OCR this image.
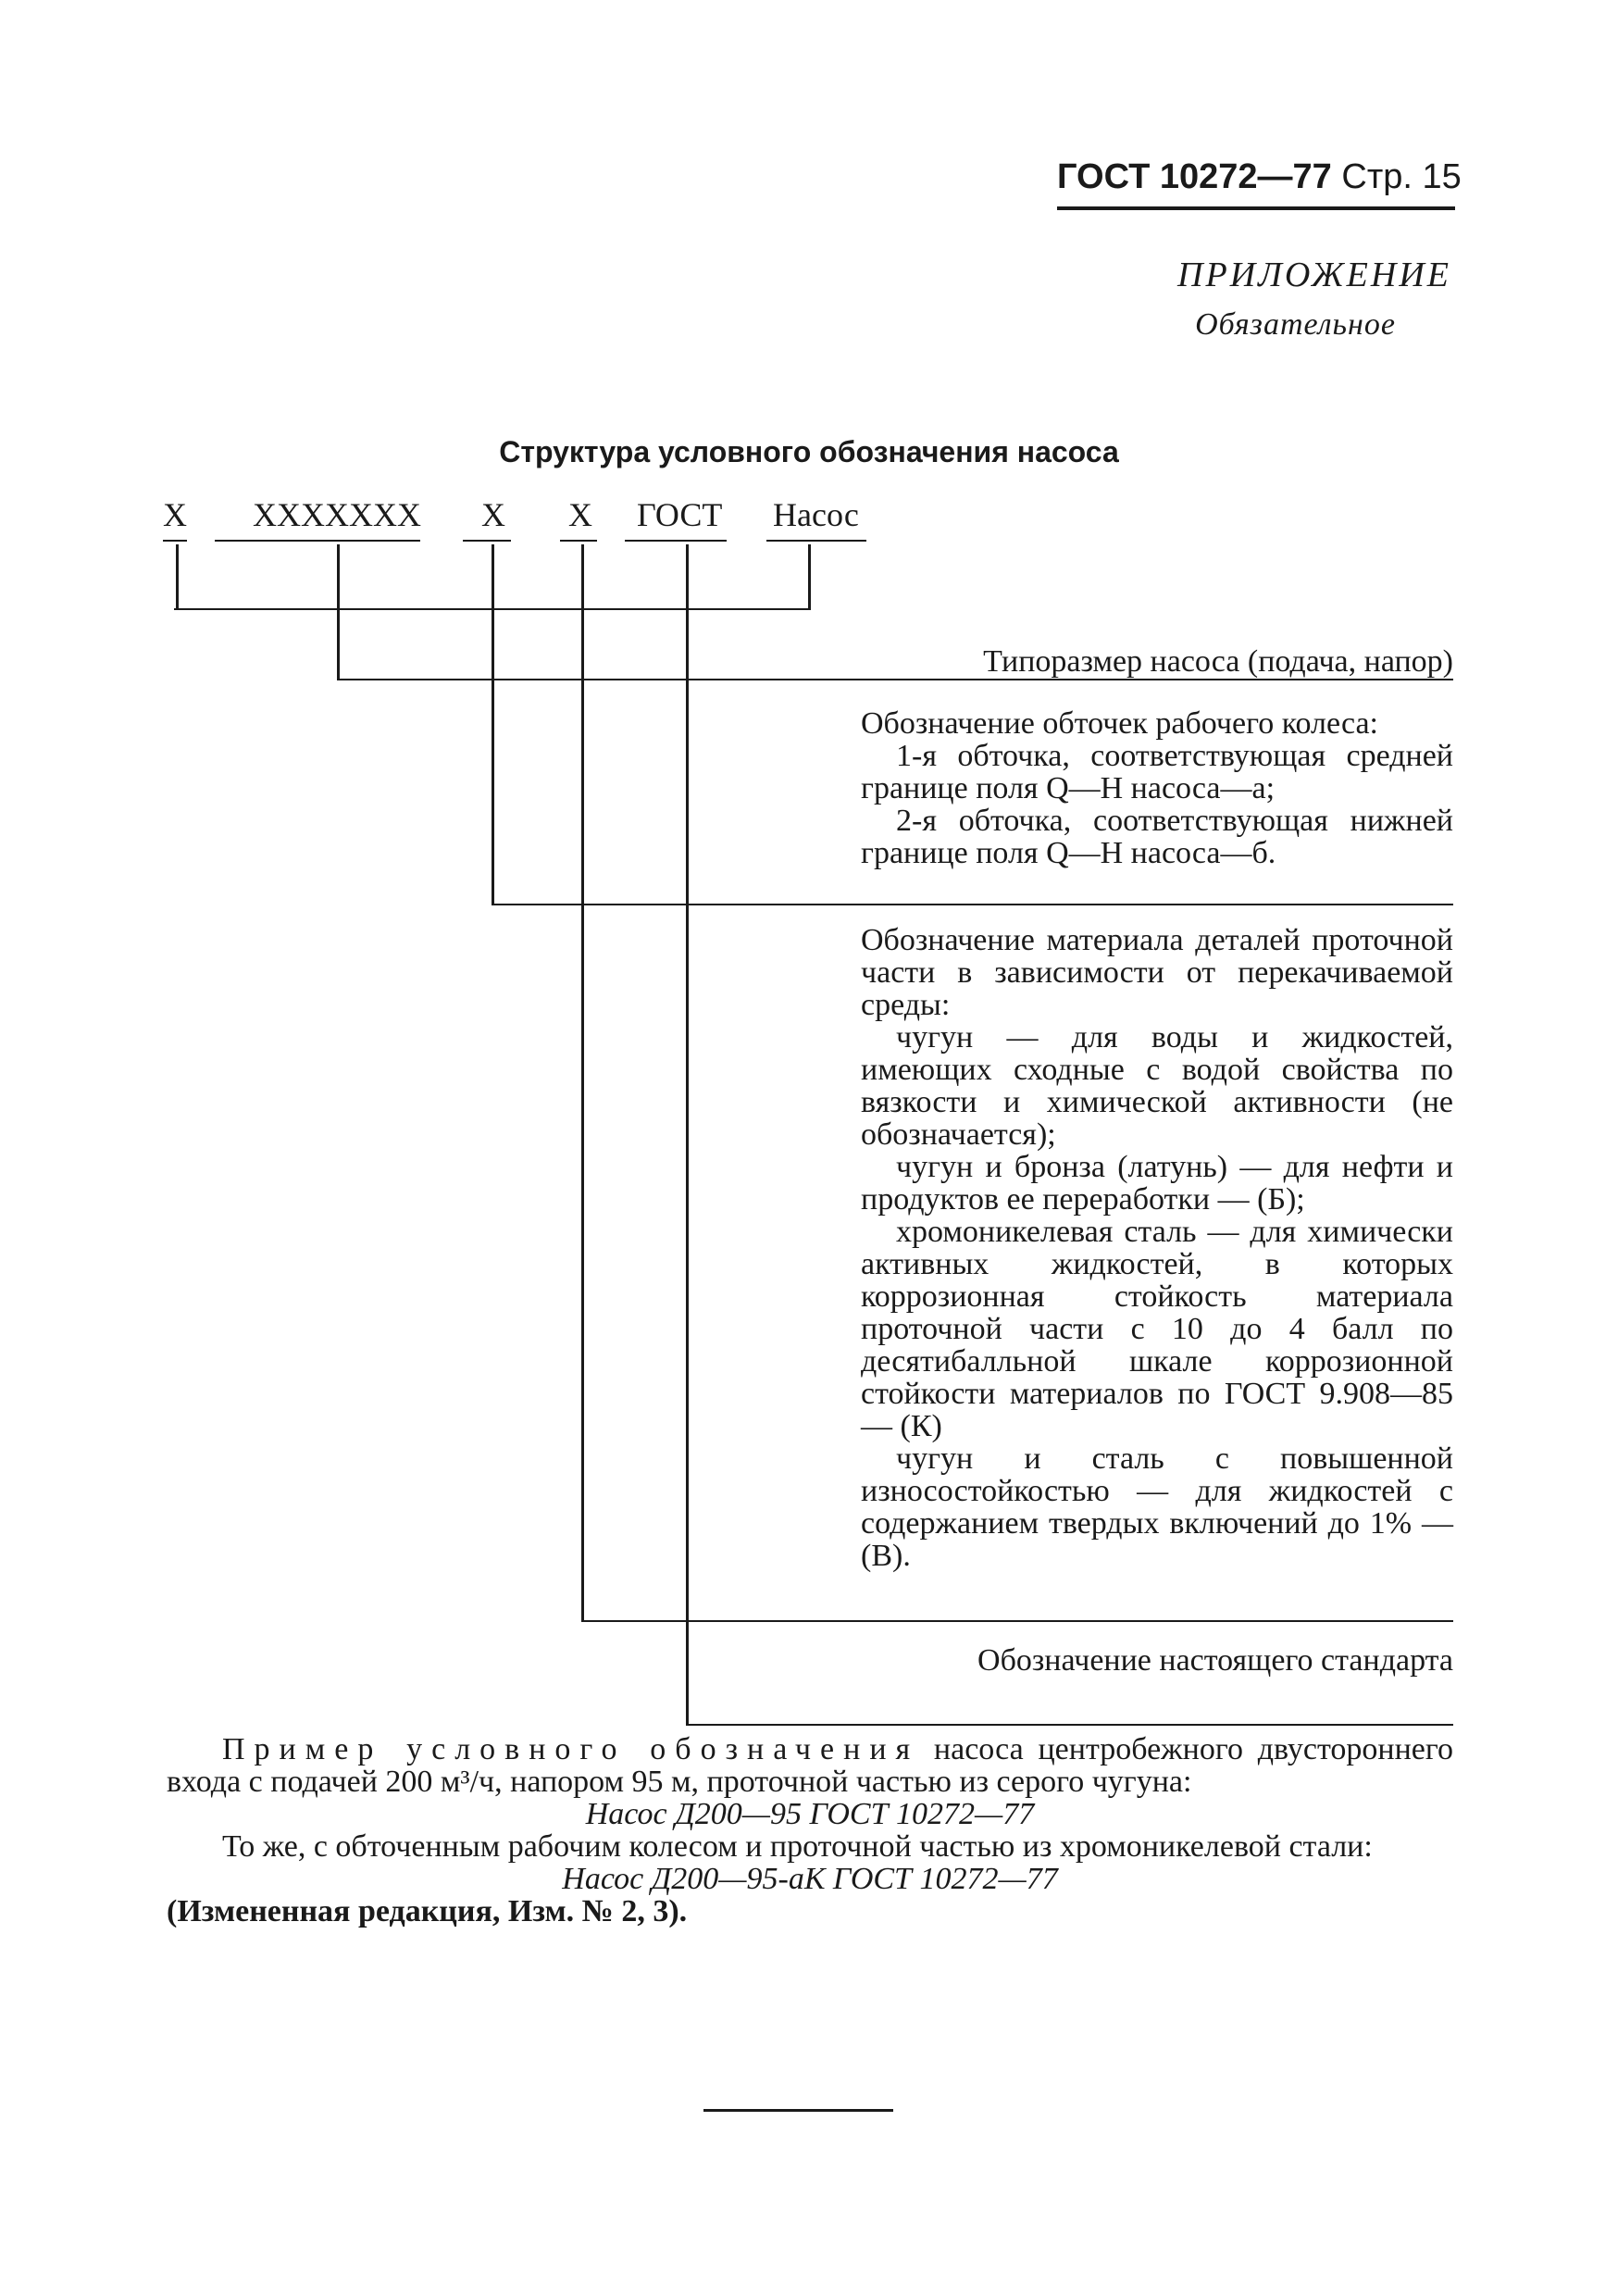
ГОСТ 10272—77 Стр. 15
ПРИЛОЖЕНИЕ
Обязательное
Структура условного обозначения насоса
Х ХХХХХХХ Х Х ГОСТ Насос
Типоразмер насоса (подача, напор)

Обозначение обточек рабочего колеса:

1-я обточка, соответствующая средней границе поля Q—H насоса—а;

2-я обточка, соответствующая нижней границе поля Q—H насоса—б.

Обозначение материала деталей проточной части в зависимости от перекачиваемой среды:

чугун — для воды и жидкостей, имеющих сходные с водой свойства по вязкости и химической активности (не обозначается);

чугун и бронза (латунь) — для нефти и продуктов ее переработки — (Б);

хромоникелевая сталь — для химически активных жидкостей, в которых коррозионная стойкость материала проточной части с 10 до 4 балл по десятибалльной шкале коррозионной стойкости материалов по ГОСТ 9.908—85 — (К)

чугун и сталь с повышенной износостойкостью — для жидкостей с содержанием твердых включений до 1% — (В).

Обозначение настоящего стандарта

Пример условного обозначения насоса центробежного двустороннего входа с подачей 200 м³/ч, напором 95 м, проточной частью из серого чугуна:

Насос Д200—95 ГОСТ 10272—77

То же, с обточенным рабочим колесом и проточной частью из хромоникелевой стали:

Насос Д200—95-аК ГОСТ 10272—77

(Измененная редакция, Изм. № 2, 3).
